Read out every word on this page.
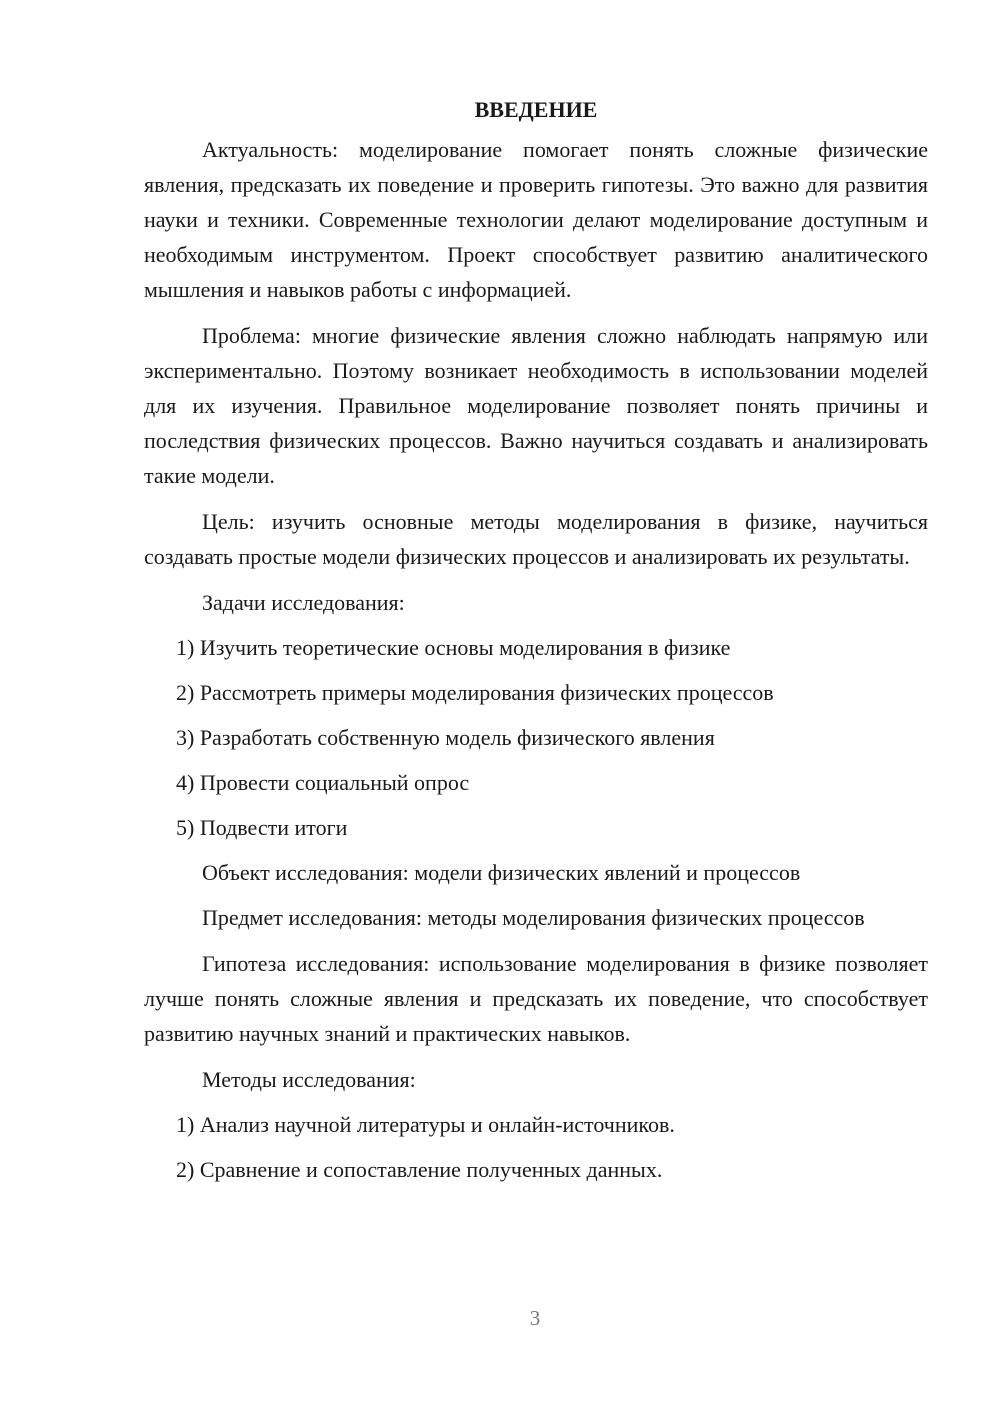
ВВЕДЕНИЕ

Актуальность: моделирование помогает понять сложные физические явления, предсказать их поведение и проверить гипотезы. Это важно для развития науки и техники. Современные технологии делают моделирование доступным и необходимым инструментом. Проект способствует развитию аналитического мышления и навыков работы с информацией.

Проблема: многие физические явления сложно наблюдать напрямую или экспериментально. Поэтому возникает необходимость в использовании моделей для их изучения. Правильное моделирование позволяет понять причины и последствия физических процессов. Важно научиться создавать и анализировать такие модели.

Цель: изучить основные методы моделирования в физике, научиться создавать простые модели физических процессов и анализировать их результаты.

Задачи исследования:

1) Изучить теоретические основы моделирования в физике

2) Рассмотреть примеры моделирования физических процессов

3) Разработать собственную модель физического явления

4) Провести социальный опрос

5) Подвести итоги

Объект исследования: модели физических явлений и процессов

Предмет исследования: методы моделирования физических процессов

Гипотеза исследования: использование моделирования в физике позволяет лучше понять сложные явления и предсказать их поведение, что способствует развитию научных знаний и практических навыков.

Методы исследования:

1) Анализ научной литературы и онлайн-источников.

2) Сравнение и сопоставление полученных данных.

3
